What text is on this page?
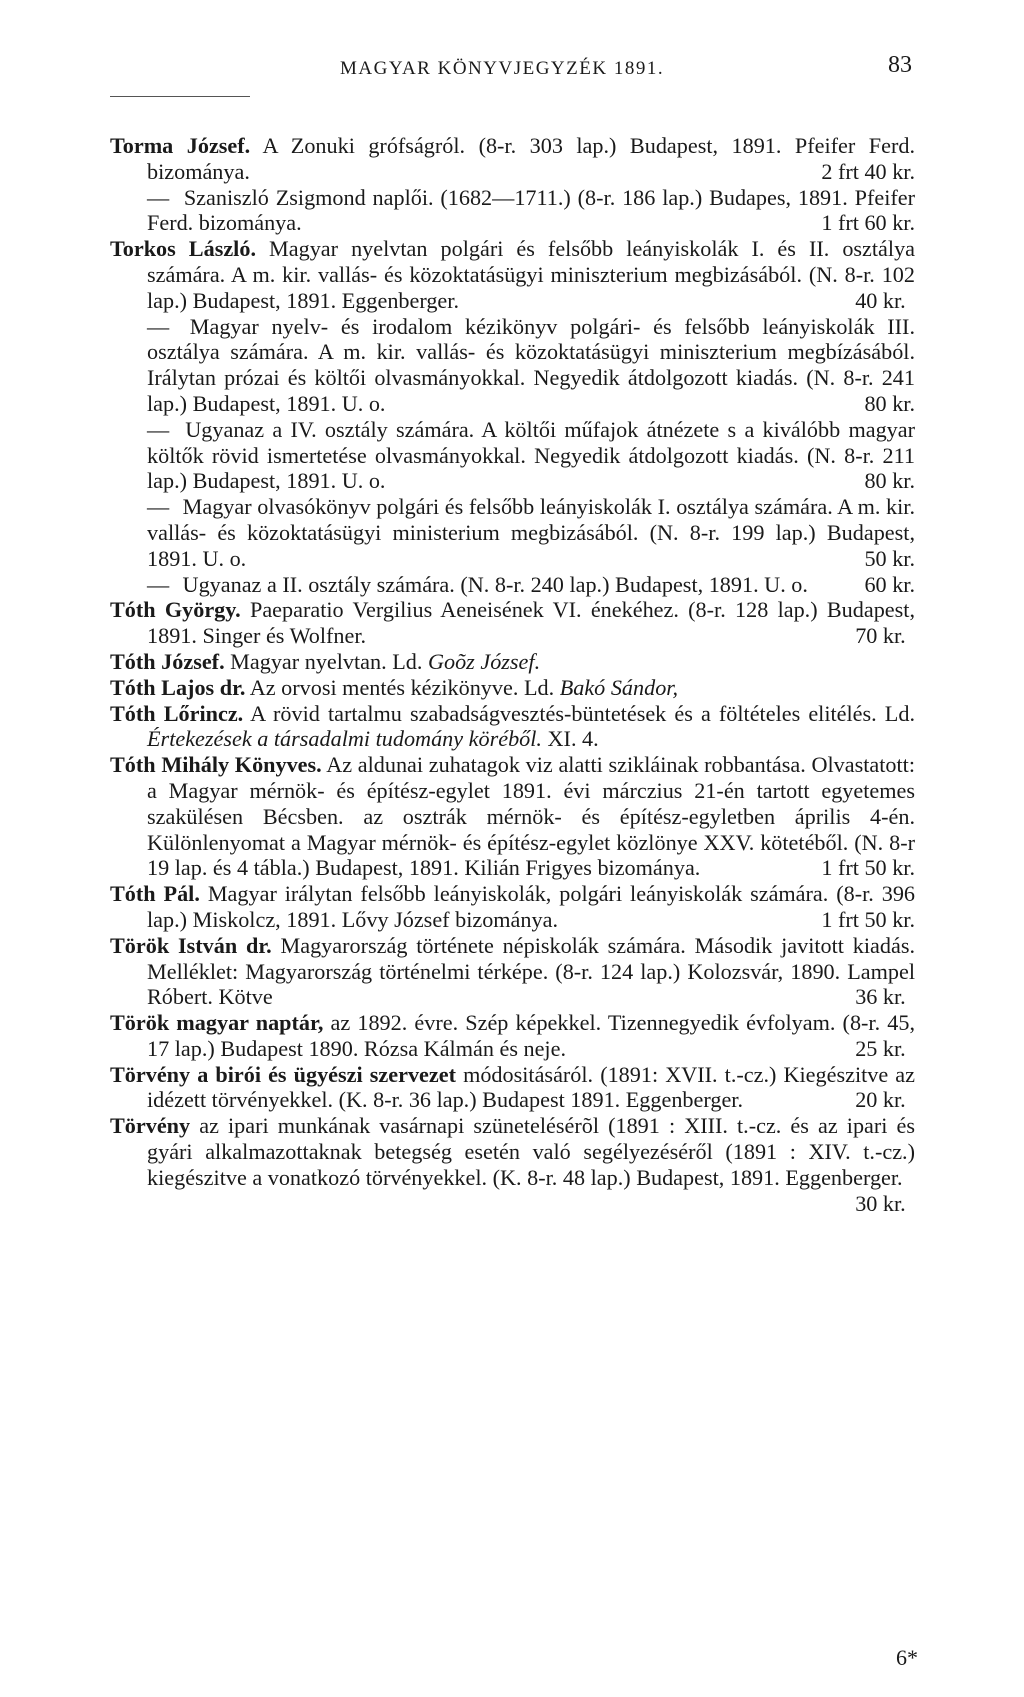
MAGYAR KÖNYVJEGYZÉK 1891.	83

Torma József. A Zonuki grófságról. (8-r. 303 lap.) Budapest, 1891. Pfeifer Ferd. bizománya.	2 frt 40 kr.

— Szaniszló Zsigmond naplői. (1682—1711.) (8-r. 186 lap.) Budapes, 1891. Pfeifer Ferd. bizománya.	1 frt 60 kr.

Torkos László. Magyar nyelvtan polgári és felsőbb leányiskolák I. és II. osztálya számára. A m. kir. vallás- és közoktatásügyi miniszterium megbizásából. (N. 8-r. 102 lap.) Budapest, 1891. Eggenberger.	40 kr.

— Magyar nyelv- és irodalom kézikönyv polgári- és felsőbb leányiskolák III. osztálya számára. A m. kir. vallás- és közoktatásügyi miniszterium megbízásából. Irálytan prózai és költői olvasmányokkal. Negyedik átdolgozott kiadás. (N. 8-r. 241 lap.) Budapest, 1891. U. o.	80 kr.

— Ugyanaz a IV. osztály számára. A költői műfajok átnézete s a kiválóbb magyar költők rövid ismertetése olvasmányokkal. Negyedik átdolgozott kiadás. (N. 8-r. 211 lap.) Budapest, 1891. U. o.	80 kr.

— Magyar olvasókönyv polgári és felsőbb leányiskolák I. osztálya számára. A m. kir. vallás- és közoktatásügyi ministerium megbizásából. (N. 8-r. 199 lap.) Budapest, 1891. U. o.	50 kr.

— Ugyanaz a II. osztály számára. (N. 8-r. 240 lap.) Budapest, 1891. U. o.	60 kr.

Tóth György. Paeparatio Vergilius Aeneisének VI. énekéhez. (8-r. 128 lap.) Budapest, 1891. Singer és Wolfner.	70 kr.

Tóth József. Magyar nyelvtan. Ld. Goõz József.

Tóth Lajos dr. Az orvosi mentés kézikönyve. Ld. Bakó Sándor,

Tóth Lőrincz. A rövid tartalmu szabadságvesztés-büntetések és a föltételes elitélés. Ld. Értekezések a társadalmi tudomány köréből. XI. 4.

Tóth Mihály Könyves. Az aldunai zuhatagok viz alatti szikláinak robbantása. Olvastatott: a Magyar mérnök- és építész-egylet 1891. évi márczius 21-én tartott egyetemes szakülésen Bécsben. az osztrák mérnök- és építész-egyletben április 4-én. Különlenyomat a Magyar mérnök- és építész-egylet közlönye XXV. kötetéből. (N. 8-r 19 lap. és 4 tábla.) Budapest, 1891. Kilián Frigyes bizománya.	1 frt 50 kr.

Tóth Pál. Magyar irálytan felsőbb leányiskolák, polgári leányiskolák számára. (8-r. 396 lap.) Miskolcz, 1891. Lővy József bizománya.	1 frt 50 kr.

Török István dr. Magyarország története népiskolák számára. Második javitott kiadás. Melléklet: Magyarország történelmi térképe. (8-r. 124 lap.) Kolozsvár, 1890. Lampel Róbert. Kötve	36 kr.

Török magyar naptár, az 1892. évre. Szép képekkel. Tizennegyedik évfolyam. (8-r. 45, 17 lap.) Budapest 1890. Rózsa Kálmán és neje.	25 kr.

Törvény a birói és ügyészi szervezet módositásáról. (1891: XVII. t.-cz.) Kiegészitve az idézett törvényekkel. (K. 8-r. 36 lap.) Budapest 1891. Eggenberger.	20 kr.

Törvény az ipari munkának vasárnapi szünetelésérõl (1891 : XIII. t.-cz. és az ipari és gyári alkalmazottaknak betegség esetén való segélyezéséről (1891 : XIV. t.-cz.) kiegészitve a vonatkozó törvényekkel. (K. 8-r. 48 lap.) Budapest, 1891. Eggenberger.
30 kr.

6*
